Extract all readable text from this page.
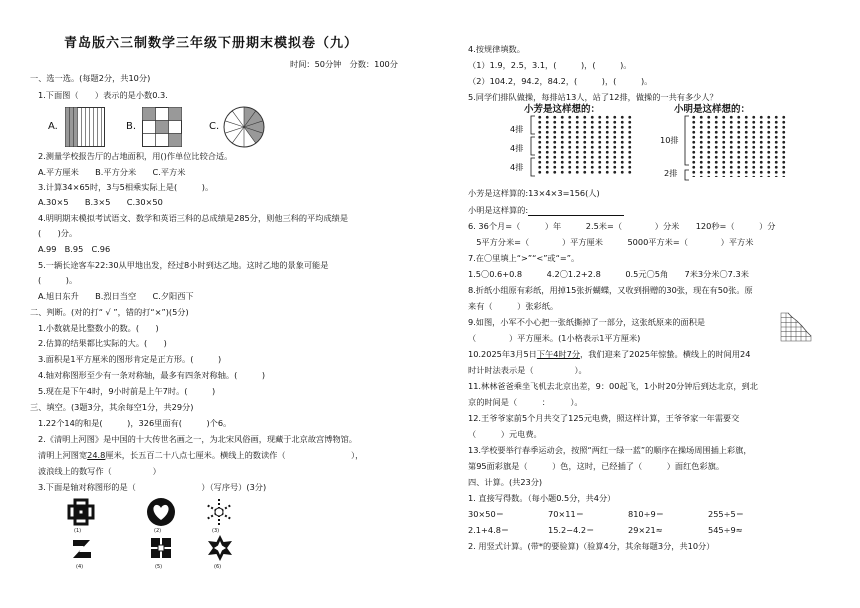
青岛版六三制数学三年级下册期末模拟卷（九）
时间：50分钟　分数：100分
一、选一选。(每题2分，共10分)
1.下面图（　　）表示的是小数0.3.
A.	B.	C.
2.测量学校报告厅的占地面积，用()作单位比较合适。
A.平方厘米　　B.平方分米　　C.平方米
3.计算34×65时，3与5相乘实际上是(　　　)。
A.30×5　　B.3×5　　C.30×50
4.明明期末模拟考试语文、数学和英语三科的总成绩是285分，则他三科的平均成绩是
(　　)分。
A.99　B.95　C.96
5.一辆长途客车22:30从甲地出发，经过8小时到达乙地。这时乙地的景象可能是
(　　　)。
A.旭日东升　　B.烈日当空　　C.夕阳西下
二、判断。(对的打“ √ ”，错的打“×”)(5分)
1.小数就是比整数小的数。(　　)
2.估算的结果都比实际的大。(　　)
3.面积是1平方厘米的图形肯定是正方形。(　　　)
4.轴对称图形至少有一条对称轴，最多有四条对称轴。(　　　)
5.现在是下午4时，9小时前是上午7时。(　　　)
三、填空。(3题3分，其余每空1分，共29分)
1.22个14的和是(　　　)，326里面有(　　　)个6。
2.《清明上河图》是中国的十大传世名画之一，为北宋风俗画，现藏于北京故宫博物馆。
清明上河图宽24.8厘米，长五百二十八点七厘米。横线上的数读作（　　　　　　　　），
波浪线上的数写作（　　　　　）
3.下面是轴对称图形的是（　　　　　　　　）（写序号）(3分)
(1)	(2)	(3)
(4)	(5)	(6)
4.按规律填数。
（1）1.9，2.5，3.1，(　　　)，(　　　)。
（2）104.2，94.2，84.2，(　　　)，(　　　)。
5.同学们排队做操，每排站13人，站了12排，做操的一共有多少人？
小芳是这样想的：	小明是这样想的：
4排
4排
4排
10排
2排
小芳是这样算的:13×4×3=156(人)
小明是这样算的:
6. 36个月=（　　　）年　　　2.5米=（　　　　）分米　　120秒=（　　　）分
　5平方分米=（　　　　）平方厘米　　　5000平方米=（　　　　）平方米
7.在〇里填上“>”“<”或“=”。
1.5〇0.6+0.8　　　4.2〇1.2+2.8　　　0.5元〇5角　　7米3分米〇7.3米
8.折纸小组原有彩纸，用掉15张折蝴蝶，又收到捐赠的30张，现在有50张。原
来有（　　　）张彩纸。
9.如图，小军不小心把一张纸撕掉了一部分，这张纸原来的面积是
（　　　　）平方厘米。(1小格表示1平方厘米)
10.2025年3月5日下午4时7分，我们迎来了2025年惊蛰。横线上的时间用24
时计时法表示是（　　　　　）。
11.林林爸爸乘坐飞机去北京出差，9：00起飞，1小时20分钟后到达北京，到北
京的时间是（　　　：　　　）。
12.王爷爷家前5个月共交了125元电费，照这样计算，王爷爷家一年需要交
（　　　）元电费。
13.学校要举行春季运动会，按照“两红一绿一蓝”的顺序在操场周围插上彩旗，
第95面彩旗是（　　　）色，这时，已经插了（　　　）面红色彩旗。
四、计算。(共23分)
1. 直接写得数。（每小题0.5分，共4分）
30×50＝	70×11＝	810÷9＝	255÷5＝
2.1+4.8＝	15.2−4.2＝	29×21≈	545÷9≈
2. 用竖式计算。(带*的要验算)（验算4分，其余每题3分，共10分）
